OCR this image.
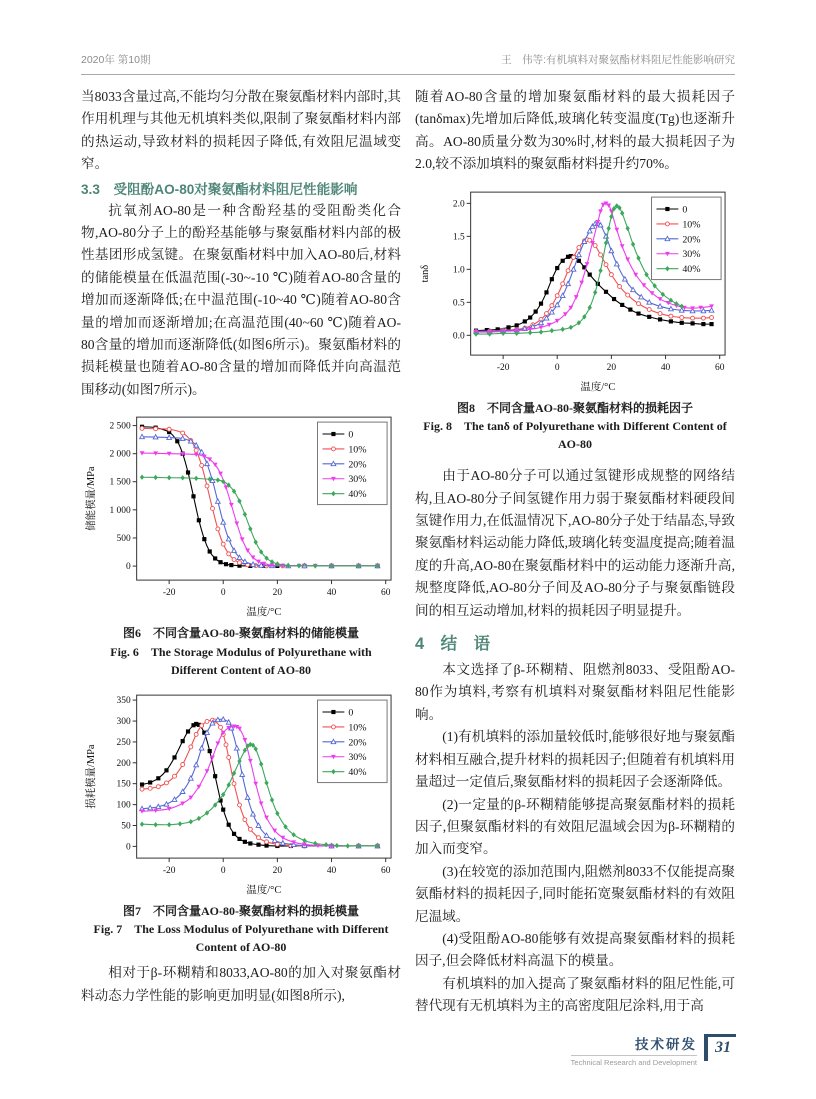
2020年 第10期	王　伟等:有机填料对聚氨酯材料阻尼性能影响研究

当8033含量过高,不能均匀分散在聚氨酯材料内部时,其作用机理与其他无机填料类似,限制了聚氨酯材料内部的热运动,导致材料的损耗因子降低,有效阻尼温域变窄。

3.3　受阻酚AO-80对聚氨酯材料阻尼性能影响

抗氧剂AO-80是一种含酚羟基的受阻酚类化合物,AO-80分子上的酚羟基能够与聚氨酯材料内部的极性基团形成氢键。在聚氨酯材料中加入AO-80后,材料的储能模量在低温范围(-30~-10 ℃)随着AO-80含量的增加而逐渐降低;在中温范围(-10~40 ℃)随着AO-80含量的增加而逐渐增加;在高温范围(40~60 ℃)随着AO-80含量的增加而逐渐降低(如图6所示)。聚氨酯材料的损耗模量也随着AO-80含量的增加而降低并向高温范围移动(如图7所示)。

-20	0	20	40	60
0
500
1 000
1 500
2 000
2 500
储能模量/MPa
温度/°C
0
10%
20%
30%
40%
图6　不同含量AO-80-聚氨酯材料的储能模量
Fig. 6　The Storage Modulus of Polyurethane with
Different Content of AO-80
-20	0	20	40	60
0
50
100
150
200
250
300
350
损耗模量/MPa
温度/°C
0
10%
20%
30%
40%
图7　不同含量AO-80-聚氨酯材料的损耗模量
Fig. 7　The Loss Modulus of Polyurethane with Different
Content of AO-80

相对于β-环糊精和8033,AO-80的加入对聚氨酯材料动态力学性能的影响更加明显(如图8所示),

随着AO-80含量的增加聚氨酯材料的最大损耗因子(tanδmax)先增加后降低,玻璃化转变温度(Tg)也逐渐升高。AO-80质量分数为30%时,材料的最大损耗因子为2.0,较不添加填料的聚氨酯材料提升约70%。

-20	0	20	40	60
0.0
0.5
1.0
1.5
2.0
tanδ
温度/°C
0
10%
20%
30%
40%
图8　不同含量AO-80-聚氨酯材料的损耗因子
Fig. 8　The tanδ of Polyurethane with Different Content of
AO-80

由于AO-80分子可以通过氢键形成规整的网络结构,且AO-80分子间氢键作用力弱于聚氨酯材料硬段间氢键作用力,在低温情况下,AO-80分子处于结晶态,导致聚氨酯材料运动能力降低,玻璃化转变温度提高;随着温度的升高,AO-80在聚氨酯材料中的运动能力逐渐升高,规整度降低,AO-80分子间及AO-80分子与聚氨酯链段间的相互运动增加,材料的损耗因子明显提升。

4　结　语

本文选择了β-环糊精、阻燃剂8033、受阻酚AO-80作为填料,考察有机填料对聚氨酯材料阻尼性能影响。

(1)有机填料的添加量较低时,能够很好地与聚氨酯材料相互融合,提升材料的损耗因子;但随着有机填料用量超过一定值后,聚氨酯材料的损耗因子会逐渐降低。

(2)一定量的β-环糊精能够提高聚氨酯材料的损耗因子,但聚氨酯材料的有效阻尼温域会因为β-环糊精的加入而变窄。

(3)在较宽的添加范围内,阻燃剂8033不仅能提高聚氨酯材料的损耗因子,同时能拓宽聚氨酯材料的有效阻尼温域。

(4)受阻酚AO-80能够有效提高聚氨酯材料的损耗因子,但会降低材料高温下的模量。

有机填料的加入提高了聚氨酯材料的阻尼性能,可替代现有无机填料为主的高密度阻尼涂料,用于高

技术研发
Technical Research and Development
31
